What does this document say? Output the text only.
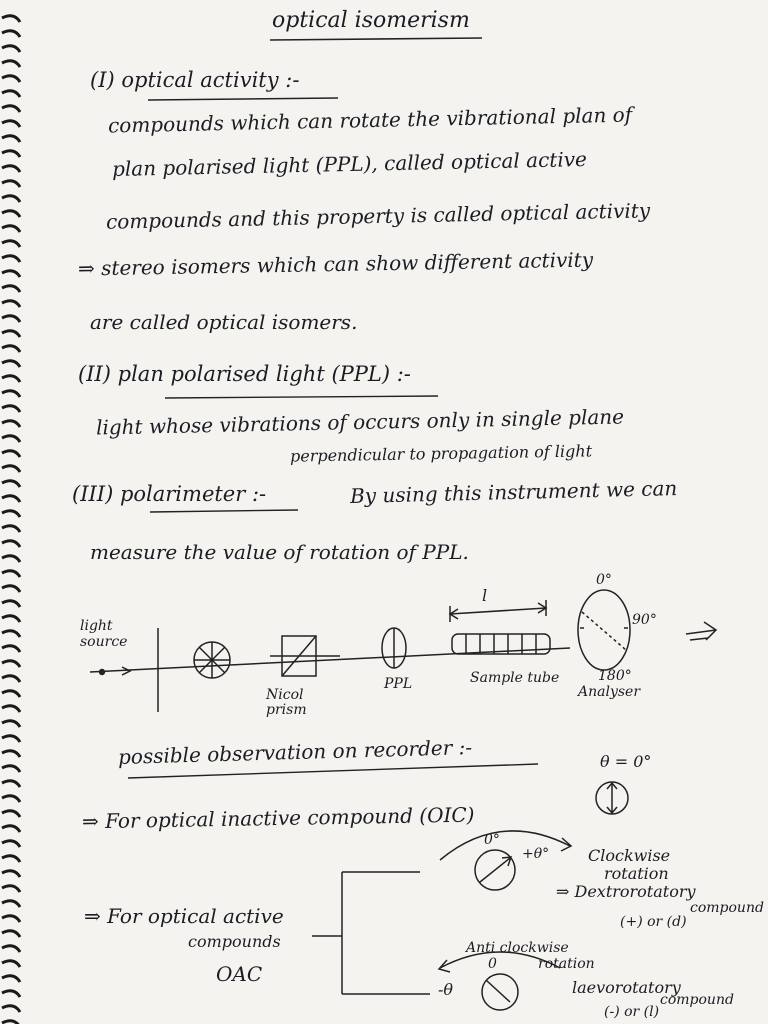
optical isomerism
(I) optical activity :-
compounds which can rotate the vibrational plan of
plan polarised light (PPL), called optical active
compounds and this property is called optical activity
⇒ stereo isomers which can show different activity
are called optical isomers.
(II) plan polarised light (PPL) :-
light whose vibrations of occurs only in single plane
perpendicular to propagation of light
(III) polarimeter :-	By using this instrument we can
measure the value of rotation of PPL.
light source
Nicol prism
PPL
l
Sample tube
Analyser
0°
90°
180°
possible observation on recorder :-	θ = 0°
⇒ For optical inactive compound (OIC)
⇒ For optical active
compounds
OAC
0°
+θ° Clockwise
rotation
⇒ Dextrorotatory
compound
(+) or (d)
Anti clockwise
rotation
0
-θ	laevorotatory
compound
(-) or (l)
